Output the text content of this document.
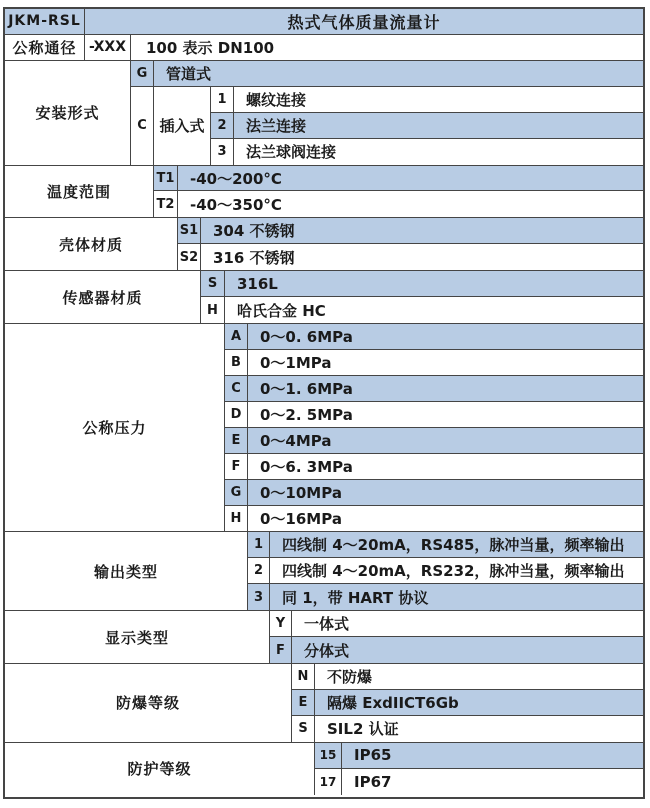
JKM-RSL	热式气体质量流量计
公称通径 -XXX	100 表示 DN100
安装形式
G	管道式
C 插入式
1	螺纹连接
2	法兰连接
3	法兰球阀连接
温度范围
T1	-40～200°C
T2	-40～350°C
壳体材质
S1 304 不锈钢
S2 316 不锈钢
传感器材质
S	316L
H	哈氏合金 HC
公称压力
A	0～0. 6MPa
B	0～1MPa
C	0～1. 6MPa
D	0～2. 5MPa
E	0～4MPa
F	0～6. 3MPa
G	0～10MPa
H	0～16MPa
输出类型
1	四线制 4～20mA，RS485，脉冲当量，频率输出
2	四线制 4～20mA，RS232，脉冲当量，频率输出
3	同 1，带 HART 协议
显示类型
Y	一体式
F	分体式
防爆等级
N	不防爆
E	隔爆 ExdIICT6Gb
S	SIL2 认证
防护等级
15	IP65
17	IP67
